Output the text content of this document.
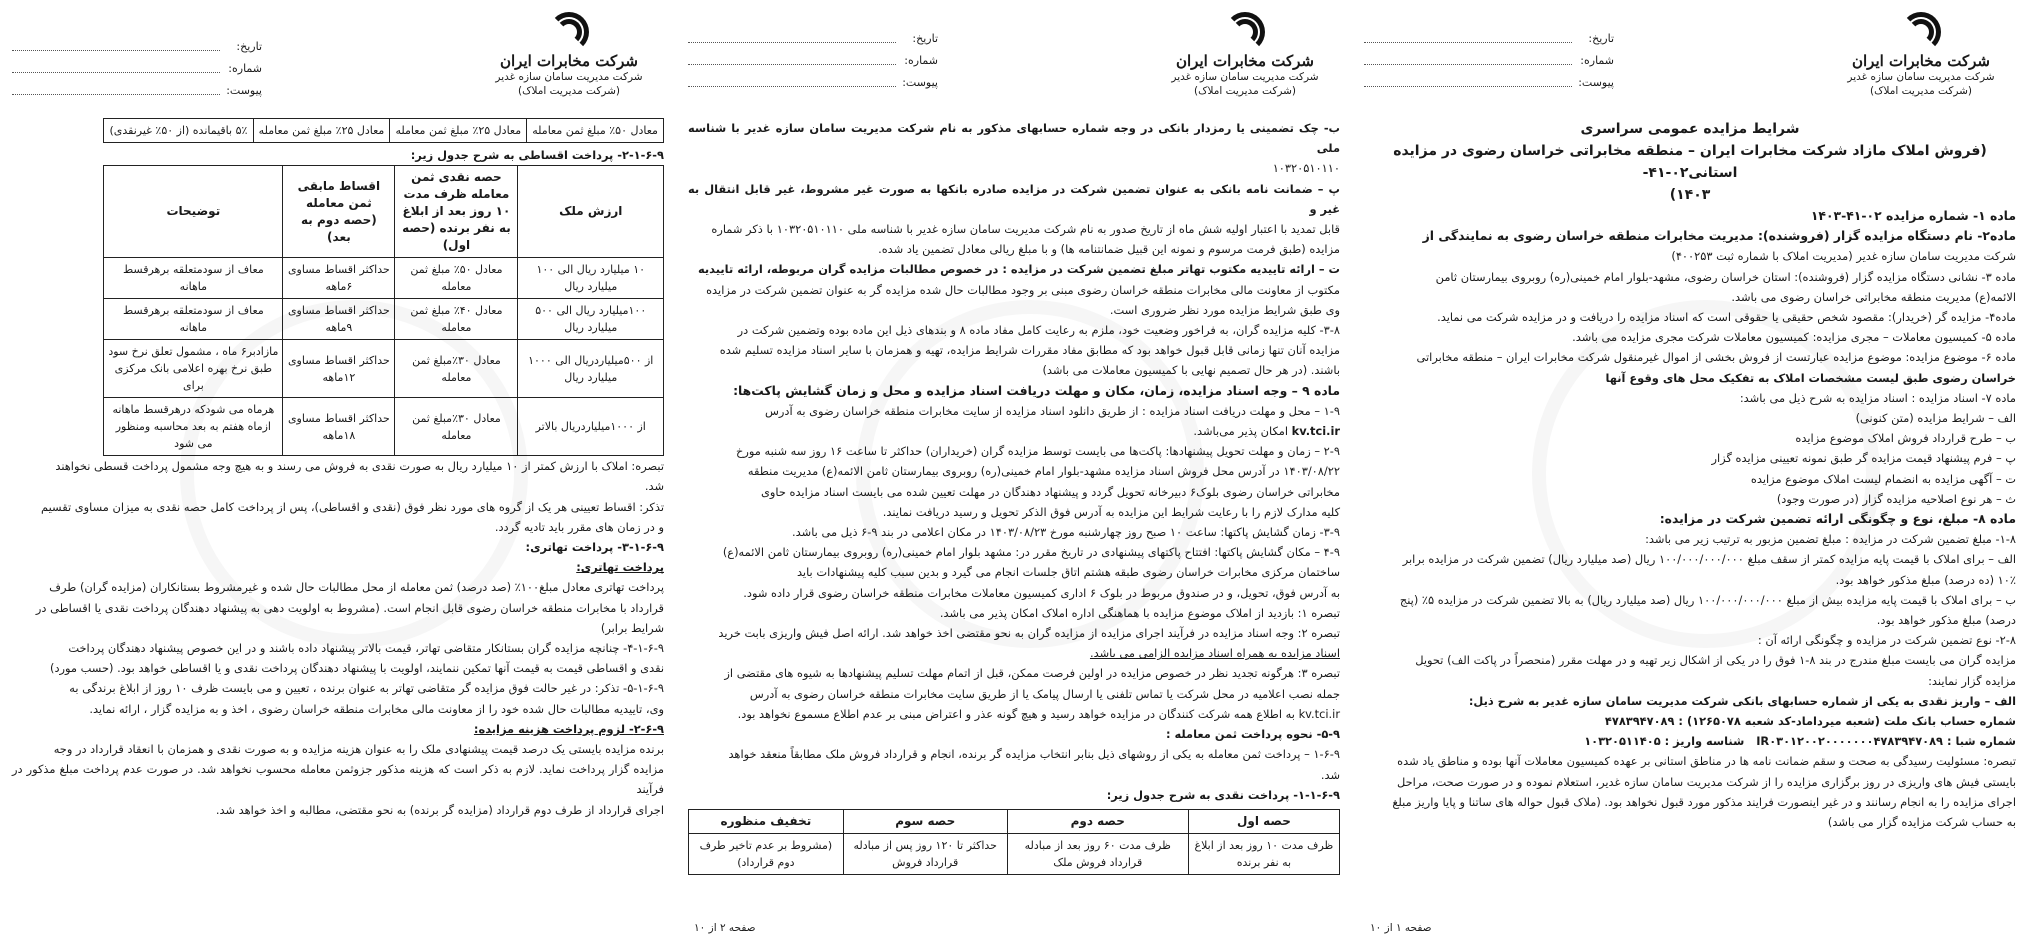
شرکت مخابرات ایران
شرکت مدیریت سامان سازه غدیر
(شرکت مدیریت املاک)
تاریخ:
شماره:
پیوست:

شرایط مزایده عمومی سراسری

(فروش املاک مازاد شرکت مخابرات ایران – منطقه مخابراتی خراسان رضوی در مزایده استانی۰۲-۴۱-

۱۴۰۳)

ماده ۱- شماره مزایده ۰۲-۴۱-۱۴۰۳

ماده۲- نام دستگاه مزایده گزار (فروشنده): مدیریت مخابرات منطقه خراسان رضوی به نمایندگی از

شرکت مدیریت سامان سازه غدیر (مدیریت املاک با شماره ثبت ۴۰۰۲۵۳)

ماده ۳- نشانی دستگاه مزایده گزار (فروشنده): استان خراسان رضوی، مشهد-بلوار امام خمینی(ره) روبروی بیمارستان ثامن

الائمه(ع) مدیریت منطقه مخابراتی خراسان رضوی می باشد.

ماده۴- مزایده گر (خریدار): مقصود شخص حقیقی یا حقوقی است که اسناد مزایده را دریافت و در مزایده شرکت می نماید.

ماده ۵- کمیسیون معاملات – مجری مزایده: کمیسیون معاملات شرکت مجری مزایده می باشد.

ماده ۶- موضوع مزایده: موضوع مزایده عبارتست از فروش بخشی از اموال غیرمنقول شرکت مخابرات ایران – منطقه مخابراتی

خراسان رضوی طبق لیست مشخصات املاک به تفکیک محل های وقوع آنها

ماده ۷- اسناد مزایده : اسناد مزایده به شرح ذیل می باشد:

الف – شرایط مزایده (متن کنونی)

ب – طرح قرارداد فروش املاک موضوع مزایده

پ – فرم پیشنهاد قیمت مزایده گر طبق نمونه تعیینی مزایده گزار

ت – آگهی مزایده به انضمام لیست املاک موضوع مزایده

ث – هر نوع اصلاحیه مزایده گزار (در صورت وجود)

ماده ۸- مبلغ، نوع و چگونگی ارائه تضمین شرکت در مزایده:

۱-۸- مبلغ تضمین شرکت در مزایده : مبلغ تضمین مزبور به ترتیب زیر می باشد:

الف – برای املاک با قیمت پایه مزایده کمتر از سقف مبلغ ۱۰۰/۰۰۰/۰۰۰/۰۰۰ ریال (صد میلیارد ریال) تضمین شرکت در مزایده برابر

۱۰٪ (ده درصد) مبلغ مذکور خواهد بود.

ب – برای املاک با قیمت پایه مزایده بیش از مبلغ ۱۰۰/۰۰۰/۰۰۰/۰۰۰ ریال (صد میلیارد ریال) به بالا تضمین شرکت در مزایده ۵٪ (پنج

درصد) مبلغ مذکور خواهد بود.

۲-۸- نوع تضمین شرکت در مزایده و چگونگی ارائه آن :

مزایده گران می بایست مبلغ مندرج در بند ۸-۱ فوق را در یکی از اشکال زیر تهیه و در مهلت مقرر (منحصراً در پاکت الف) تحویل

مزایده گزار نمایند:

الف – واریز نقدی به یکی از شماره حسابهای بانکی شرکت مدیریت سامان سازه غدیر به شرح ذیل:

شماره حساب بانک ملت (شعبه میرداماد-کد شعبه ۱۲۶۵۰۷۸) : ۴۷۸۳۹۴۷۰۸۹

شماره شبا : IR۰۳۰۱۲۰۰۲۰۰۰۰۰۰۰۴۷۸۳۹۴۷۰۸۹   شناسه واریز : ۱۰۳۲۰۵۱۱۴۰۵

تبصره: مسئولیت رسیدگی به صحت و سقم ضمانت نامه ها در مناطق استانی بر عهده کمیسیون معاملات آنها بوده و مناطق یاد شده

بایستی فیش های واریزی در روز برگزاری مزایده را از شرکت مدیریت سامان سازه غدیر، استعلام نموده و در صورت صحت، مراحل

اجرای مزایده را به انجام رسانند و در غیر اینصورت فرایند مذکور مورد قبول نخواهد بود. (ملاک قبول حواله های ساتنا و پایا واریز مبلغ

به حساب شرکت مزایده گزار می باشد)

صفحه ۱ از ۱۰
شرکت مخابرات ایران
شرکت مدیریت سامان سازه غدیر
(شرکت مدیریت املاک)
تاریخ:
شماره:
پیوست:

ب- چک تضمینی یا رمزدار بانکی در وجه شماره حسابهای مذکور به نام شرکت مدیریت سامان سازه غدیر با شناسه ملی

۱۰۳۲۰۵۱۰۱۱۰

پ – ضمانت نامه بانکی به عنوان تضمین شرکت در مزایده صادره بانکها به صورت غیر مشروط، غیر قابل انتقال به غیر و

قابل تمدید با اعتبار اولیه شش ماه از تاریخ صدور به نام شرکت مدیریت سامان سازه غدیر با شناسه ملی ۱۰۳۲۰۵۱۰۱۱۰ با ذکر شماره

مزایده (طبق فرمت مرسوم و نمونه این قبیل ضمانتنامه ها) و با مبلغ ریالی معادل تضمین یاد شده.

ت – ارائه تاییدیه مکتوب تهاتر مبلغ تضمین شرکت در مزایده : در خصوص مطالبات مزایده گران مربوطه، ارائه تاییدیه

مکتوب از معاونت مالی مخابرات منطقه خراسان رضوی مبنی بر وجود مطالبات حال شده مزایده گر به عنوان تضمین شرکت در مزایده

وی طبق شرایط مزایده مورد نظر ضروری است.

۳-۸- کلیه مزایده گران، به فراخور وضعیت خود، ملزم به رعایت کامل مفاد ماده ۸ و بندهای ذیل این ماده بوده وتضمین شرکت در

مزایده آنان تنها زمانی قابل قبول خواهد بود که مطابق مفاد مقررات شرایط مزایده، تهیه و همزمان با سایر اسناد مزایده تسلیم شده

باشند. (در هر حال تصمیم نهایی با کمیسیون معاملات می باشد)

ماده ۹ – وجه اسناد مزایده، زمان، مکان و مهلت دریافت اسناد مزایده و محل و زمان گشایش پاکت‌ها:

۱-۹ – محل و مهلت دریافت اسناد مزایده : از طریق دانلود اسناد مزایده از سایت مخابرات منطقه خراسان رضوی به آدرس

kv.tci.ir امکان پذیر می‌باشد.

۲-۹ – زمان و مهلت تحویل پیشنهادها: پاکت‌ها می بایست توسط مزایده گران (خریداران) حداکثر تا ساعت ۱۶ روز سه شنبه مورخ

۱۴۰۳/۰۸/۲۲ در آدرس محل فروش اسناد مزایده مشهد-بلوار امام خمینی(ره) روبروی بیمارستان ثامن الائمه(ع) مدیریت منطقه

مخابراتی خراسان رضوی بلوک۶ دبیرخانه تحویل گردد و پیشنهاد دهندگان در مهلت تعیین شده می بایست اسناد مزایده حاوی

کلیه مدارک لازم را با رعایت شرایط این مزایده به آدرس فوق الذکر تحویل و رسید دریافت نمایند.

۳-۹- زمان گشایش پاکتها: ساعت ۱۰ صبح روز چهارشنبه مورخ ۱۴۰۳/۰۸/۲۳ در مکان اعلامی در بند ۹-۶ ذیل می باشد.

۴-۹ – مکان گشایش پاکتها: افتتاح پاکتهای پیشنهادی در تاریخ مقرر در: مشهد بلوار امام خمینی(ره) روبروی بیمارستان ثامن الائمه(ع)

ساختمان مرکزی مخابرات خراسان رضوی طبقه هشتم اتاق جلسات انجام می گیرد و بدین سبب کلیه پیشنهادات باید

به آدرس فوق، تحویل، و در صندوق مربوط در بلوک ۶ اداری کمیسیون معاملات مخابرات منطقه خراسان رضوی قرار داده شود.

تبصره ۱: بازدید از املاک موضوع مزایده با هماهنگی اداره املاک امکان پذیر می باشد.

تبصره ۲: وجه اسناد مزایده در فرآیند اجرای مزایده از مزایده گران به نحو مقتضی اخذ خواهد شد. ارائه اصل فیش واریزی بابت خرید

اسناد مزایده به همراه اسناد مزایده الزامی می باشد.

تبصره ۳: هرگونه تجدید نظر در خصوص مزایده در اولین فرصت ممکن، قبل از اتمام مهلت تسلیم پیشنهادها به شیوه های مقتضی از

جمله نصب اعلامیه در محل شرکت یا تماس تلفنی یا ارسال پیامک یا از طریق سایت مخابرات منطقه خراسان رضوی به آدرس

kv.tci.ir به اطلاع همه شرکت کنندگان در مزایده خواهد رسید و هیچ گونه عذر و اعتراض مبنی بر عدم اطلاع مسموع نخواهد بود.

۵-۹- نحوه پرداخت ثمن معامله :

۱-۶-۹ – پرداخت ثمن معامله به یکی از روشهای ذیل بنابر انتخاب مزایده گر برنده، انجام و قرارداد فروش ملک مطابقاً منعقد خواهد

شد.

۱-۱-۶-۹- پرداخت نقدی به شرح جدول زیر:

حصه اول	حصه دوم	حصه سوم	تخفیف منظوره
ظرف مدت ۱۰ روز بعد از ابلاغ به نفر برنده	ظرف مدت ۶۰ روز بعد از مبادله قرارداد فروش ملک	حداکثر تا ۱۲۰ روز پس از مبادله قرارداد فروش	(مشروط بر عدم تاخیر طرف دوم قرارداد)
صفحه ۲ از ۱۰
شرکت مخابرات ایران
شرکت مدیریت سامان سازه غدیر
(شرکت مدیریت املاک)
تاریخ:
شماره:
پیوست:
معادل ۵۰٪ مبلغ ثمن معامله	معادل ۲۵٪ مبلغ ثمن معامله	معادل ۲۵٪ مبلغ ثمن معامله	۵٪ باقیمانده (از ۵۰٪ غیرنقدی)

۲-۱-۶-۹- پرداخت اقساطی به شرح جدول زیر:

ارزش ملک	حصه نقدی ثمن معامله ظرف مدت ۱۰ روز بعد از ابلاغ به نفر برنده (حصه اول)	اقساط مابقی ثمن معامله (حصه دوم به بعد)	توضیحات
۱۰ میلیارد ریال الی ۱۰۰ میلیارد ریال	معادل ۵۰٪ مبلغ ثمن معامله	حداکثر اقساط مساوی ۶ماهه	معاف از سودمتعلقه برهرقسط ماهانه
۱۰۰میلیارد ریال الی ۵۰۰ میلیارد ریال	معادل ۴۰٪ مبلغ ثمن معامله	حداکثر اقساط مساوی ۹ماهه	معاف از سودمتعلقه برهرقسط ماهانه
از ۵۰۰میلیاردریال الی ۱۰۰۰ میلیارد ریال	معادل ۳۰٪مبلغ ثمن معامله	حداکثر اقساط مساوی ۱۲ماهه	مازادبر۶ ماه ، مشمول تعلق نرخ سود طبق نرخ بهره اعلامی بانک مرکزی برای
از ۱۰۰۰میلیاردریال بالاتر	معادل ۳۰٪مبلغ ثمن معامله	حداکثر اقساط مساوی ۱۸ماهه	هرماه می شودکه درهرقسط ماهانه ازماه هفتم به بعد محاسبه ومنظور می شود

تبصره: املاک با ارزش کمتر از ۱۰ میلیارد ریال به صورت نقدی به فروش می رسند و به هیچ وجه مشمول پرداخت قسطی نخواهند

شد.

تذکر: اقساط تعیینی هر یک از گروه های مورد نظر فوق (نقدی و اقساطی)، پس از پرداخت کامل حصه نقدی به میزان مساوی تقسیم

و در زمان های مقرر باید تادیه گردد.

۳-۱-۶-۹- پرداخت تهاتری:

پرداخت تهاتری:

پرداخت تهاتری معادل مبلغ۱۰۰٪ (صد درصد) ثمن معامله از محل مطالبات حال شده و غیرمشروط بستانکاران (مزایده گران) طرف

قرارداد با مخابرات منطقه خراسان رضوی قابل انجام است. (مشروط به اولویت دهی به پیشنهاد دهندگان پرداخت نقدی یا اقساطی در

شرایط برابر)

۴-۱-۶-۹- چنانچه مزایده گران بستانکار متقاضی تهاتر، قیمت بالاتر پیشنهاد داده باشند و در این خصوص پیشنهاد دهندگان پرداخت

نقدی و اقساطی قیمت به قیمت آنها تمکین ننمایند، اولویت با پیشنهاد دهندگان پرداخت نقدی و یا اقساطی خواهد بود. (حسب مورد)

۵-۱-۶-۹- تذکر: در غیر حالت فوق مزایده گر متقاضی تهاتر به عنوان برنده ، تعیین و می بایست ظرف ۱۰ روز از ابلاغ برندگی به

وی، تاییدیه مطالبات حال شده خود را از معاونت مالی مخابرات منطقه خراسان رضوی ، اخذ و به مزایده گزار ، ارائه نماید.

۲-۶-۹- لزوم پرداخت هزینه مزایده:

برنده مزایده بایستی یک درصد قیمت پیشنهادی ملک را به عنوان هزینه مزایده و به صورت نقدی و همزمان با انعقاد قرارداد در وجه

مزایده گزار پرداخت نماید. لازم به ذکر است که هزینه مذکور جزوثمن معامله محسوب نخواهد شد. در صورت عدم پرداخت مبلغ مذکور در فرآیند

اجرای قرارداد از طرف دوم قرارداد (مزایده گر برنده) به نحو مقتضی، مطالبه و اخذ خواهد شد.
